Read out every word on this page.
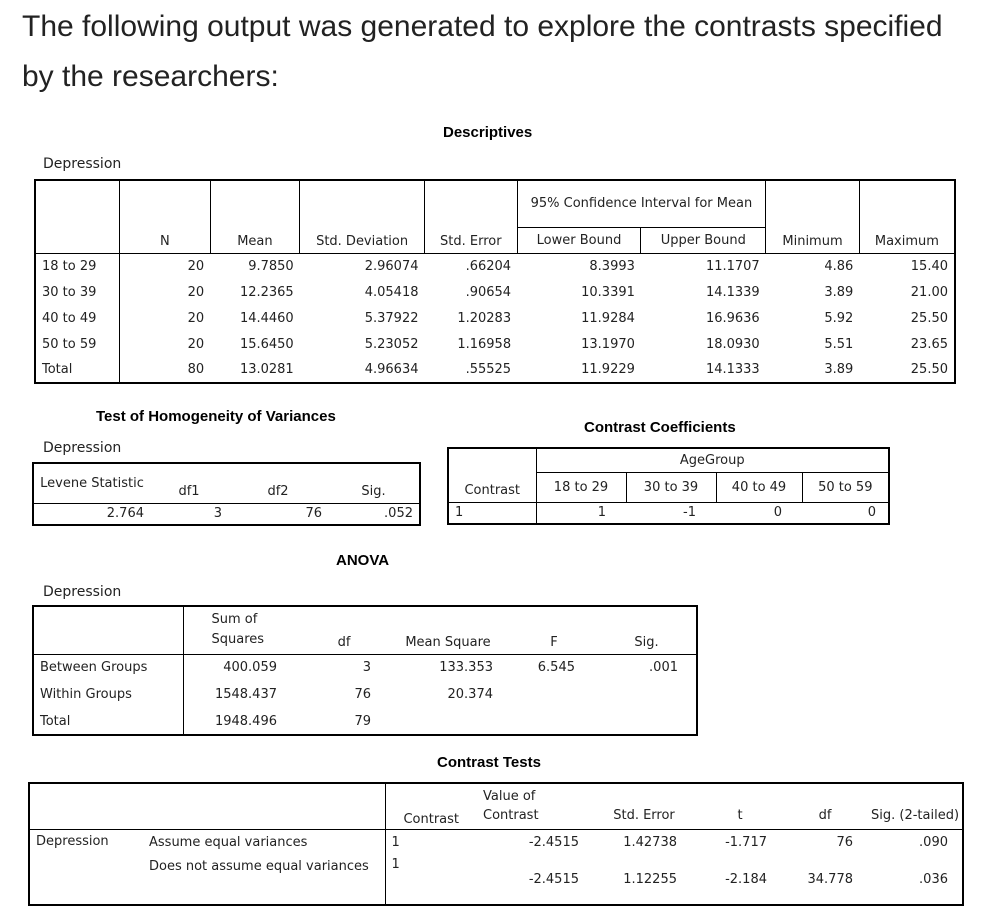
The following output was generated to explore the contrasts specified by the researchers:

Descriptives
Depression
	N	Mean	Std. Deviation	Std. Error	95% Confidence Interval for Mean		Minimum	Maximum
					Lower Bound	Upper Bound		
18 to 29	20	9.7850	2.96074	.66204	8.3993	11.1707	4.86	15.40
30 to 39	20	12.2365	4.05418	.90654	10.3391	14.1339	3.89	21.00
40 to 49	20	14.4460	5.37922	1.20283	11.9284	16.9636	5.92	25.50
50 to 59	20	15.6450	5.23052	1.16958	13.1970	18.0930	5.51	23.65
Total	80	13.0281	4.96634	.55525	11.9229	14.1333	3.89	25.50
Test of Homogeneity of Variances
Depression
Levene Statistic	df1	df2	Sig.
2.764	3	76	.052
Contrast Coefficients
Contrast	AgeGroup			
	18 to 29	30 to 39	40 to 49	50 to 59
1	1	-1	0	0
ANOVA
Depression
	Sum of Squares	df	Mean Square	F	Sig.
Between Groups	400.059	3	133.353	6.545	.001
Within Groups	1548.437	76	20.374		
Total	1948.496	79			
Contrast Tests
		Contrast	Value of Contrast	Std. Error	t	df	Sig. (2-tailed)
Depression	Assume equal variances	1	-2.4515	1.42738	-1.717	76	.090
	Does not assume equal variances	1	-2.4515	1.12255	-2.184	34.778	.036
